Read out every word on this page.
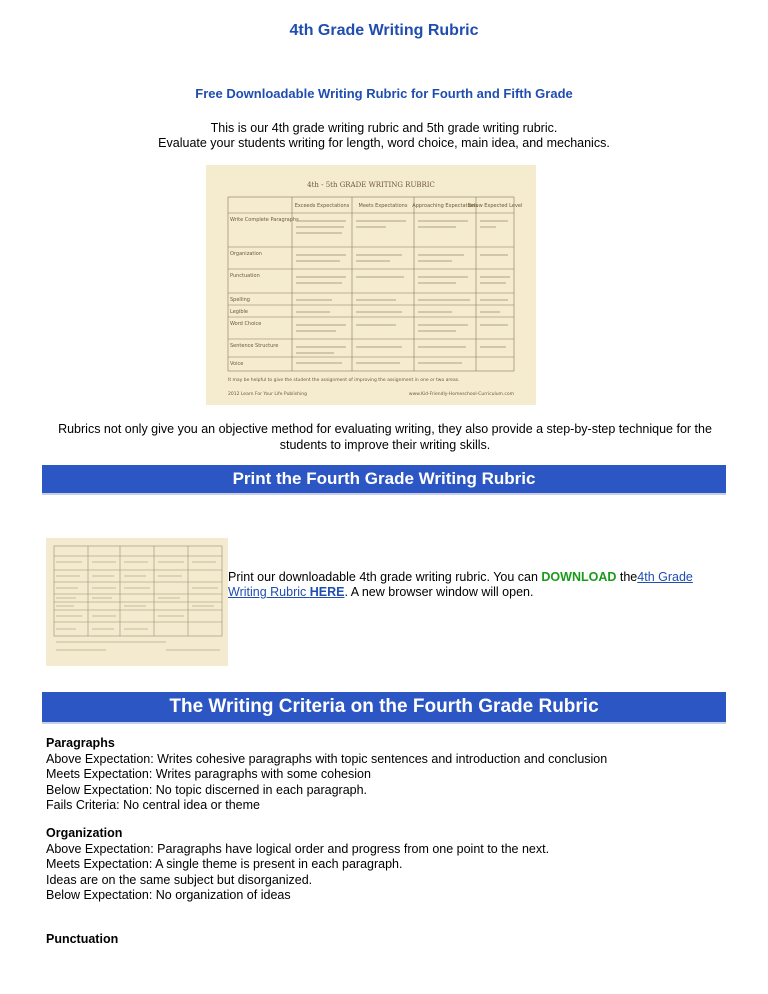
4th Grade Writing Rubric
Free Downloadable Writing Rubric for Fourth and Fifth Grade
This is our 4th grade writing rubric and 5th grade writing rubric.
Evaluate your students writing for length, word choice, main idea, and mechanics.
4th - 5th GRADE WRITING RUBRIC
Exceeds Expectations Meets Expectations Approaching Expectations
Below Expected Level
Write Complete Paragraphs
Organization
Punctuation
Spelling
Legible
Word Choice
Sentence Structure
Voice
It may be helpful to give the student the assignment of improving the assignment in one or two areas.
2012 Learn For Your Life Publishing	www.Kid-Friendly-Homeschool-Curriculum.com
Rubrics not only give you an objective method for evaluating writing, they also provide a step-by-step technique for the students to improve their writing skills.
Print the Fourth Grade Writing Rubric
Print our downloadable 4th grade writing rubric. You can DOWNLOAD the4th Grade Writing Rubric HERE. A new browser window will open.
The Writing Criteria on the Fourth Grade Rubric
Paragraphs
Above Expectation: Writes cohesive paragraphs with topic sentences and introduction and conclusion
Meets Expectation: Writes paragraphs with some cohesion
Below Expectation: No topic discerned in each paragraph.
Fails Criteria: No central idea or theme
Organization
Above Expectation: Paragraphs have logical order and progress from one point to the next.
Meets Expectation: A single theme is present in each paragraph.
Ideas are on the same subject but disorganized.
Below Expectation: No organization of ideas
Punctuation
